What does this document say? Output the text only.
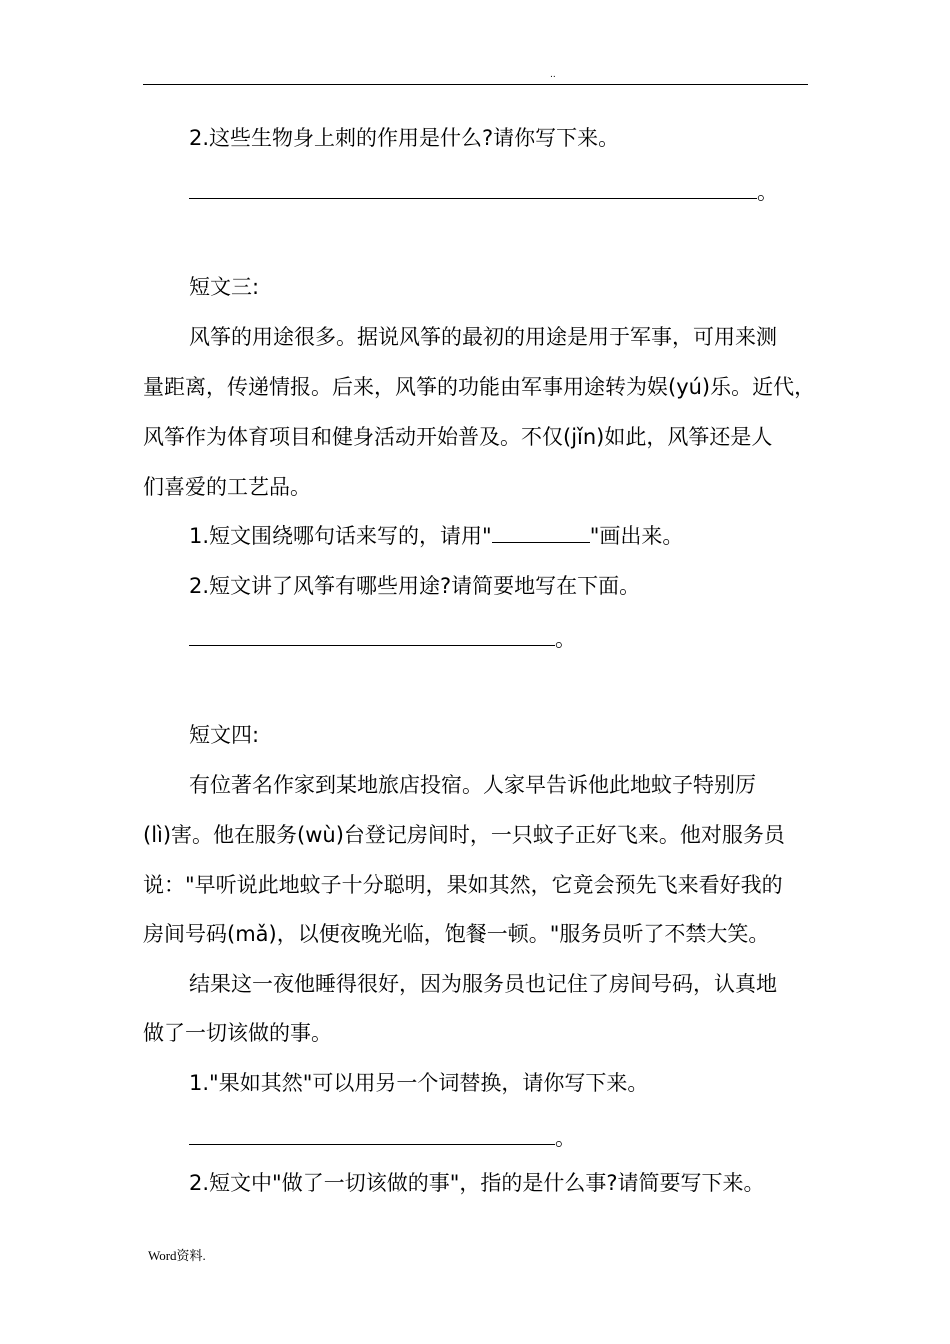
..
2.这些生物身上刺的作用是什么?请你写下来。
。
短文三:
风筝的用途很多。据说风筝的最初的用途是用于军事，可用来测
量距离，传递情报。后来，风筝的功能由军事用途转为娱(yú)乐。近代，
风筝作为体育项目和健身活动开始普及。不仅(jǐn)如此，风筝还是人
们喜爱的工艺品。
1.短文围绕哪句话来写的，请用"	"画出来。
2.短文讲了风筝有哪些用途?请简要地写在下面。
。
短文四:
有位著名作家到某地旅店投宿。人家早告诉他此地蚊子特别厉
(lì)害。他在服务(wù)台登记房间时，一只蚊子正好飞来。他对服务员
说："早听说此地蚊子十分聪明，果如其然，它竟会预先飞来看好我的
房间号码(mǎ)，以便夜晚光临，饱餐一顿。"服务员听了不禁大笑。
结果这一夜他睡得很好，因为服务员也记住了房间号码，认真地
做了一切该做的事。
1."果如其然"可以用另一个词替换，请你写下来。
。
2.短文中"做了一切该做的事"，指的是什么事?请简要写下来。
Word资料.
